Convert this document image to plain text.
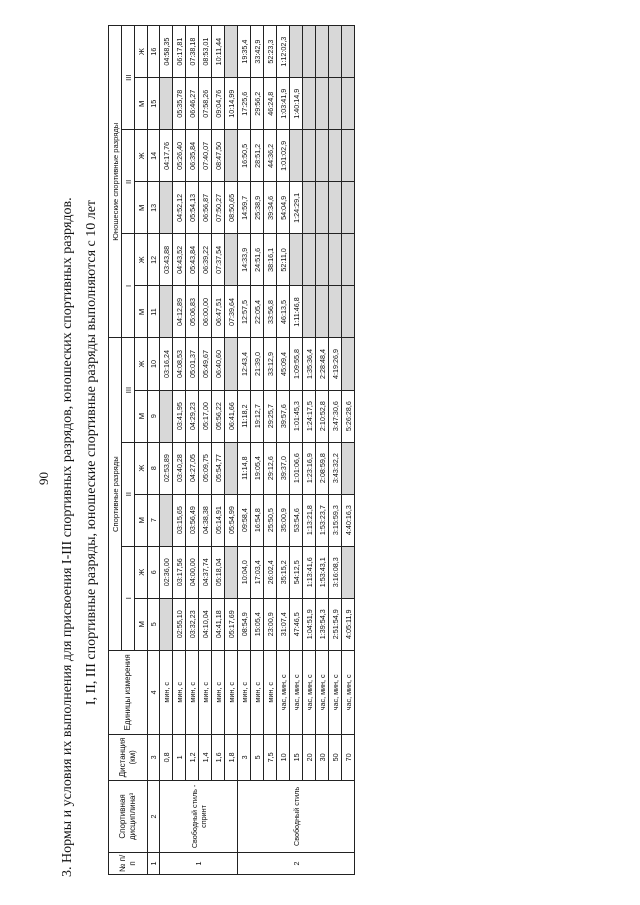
90 3. Нормы и условия их выполнения для присвоения I-III спортивных разрядов, юношеских спортивных разрядов. I, II, III спортивные разряды, юношеские спортивные разряды выполняются с 10 лет
№ п/п	Спортивная дисциплина³	Дистанция (км)	Единицы измерения	Спортивные разряды						Юношеские спортивные разряды					
				I		II		III		I		II		III	
				М	Ж	М	Ж	М	Ж	М	Ж	М	Ж	М	Ж
1	2	3	4	5	6	7	8	9	10	11	12	13	14	15	16
1	Свободный стиль - спринт	0,8	мин, с		02:36,00		02:53,89		03:16,24		03:43,88		04:17,76		04:58,35
		1	мин, с	02:55,10	03:17,56	03:15,65	03:40,28	03:41,95	04:08,53	04:12,89	04:43,52	04:52,12	05:26,40	05:35,78	06:17,81
		1,2	мин, с	03:32,23	04:00,00	03:56,49	04:27,05	04:29,23	05:01,37	05:06,83	05:43,84	05:54,13	06:35,84	06:46,27	07:38,18
		1,4	мин, с	04:10,04	04:37,74	04:38,38	05:09,75	05:17,00	05:49,67	06:00,00	06:39,22	06:56,87	07:40,07	07:58,26	08:53,01
		1,6	мин, с	04:41,18	05:18,04	05:14,91	05:54,77	05:56,22	06:40,60	06:47,51	07:37,54	07:50,27	08:47,50	09:04,76	10:11,44
		1,8	мин, с	05:17,69		05:54,99		06:41,66		07:39,64		08:50,65		10:14,99	
2	Свободный стиль	3	мин, с	08:54,9	10:04,0	09:58,4	11:14,8	11:18,2	12:43,4	12:57,5	14:33,9	14:59,7	16:50,5	17:25,6	19:35,4
		5	мин, с	15:05,4	17:03,4	16:54,8	19:05,4	19:12,7	21:39,0	22:05,4	24:51,6	25:38,9	28:51,2	29:56,2	33:42,9
		7,5	мин, с	23:00,9	26:02,4	25:50,5	29:12,6	29:25,7	33:12,9	33:56,8	38:16,1	39:34,6	44:36,2	46:24,8	52:23,3
		10	час, мин, с	31:07,4	35:15,2	35:00,9	39:37,0	39:57,6	45:09,4	46:13,5	52:11,0	54:04,9	1:01:02,9	1:03:41,9	1:12:02,3
		15	час, мин, с	47:46,5	54:12,5	53:54,6	1:01:06,6	1:01:45,3	1:09:55,8	1:11:46,8		1:24:29,1		1:40:14,9	
		20	час, мин, с	1:04:51,9	1:13:41,6	1:13:21,8	1:23:16,9	1:24:17,5	1:35:36,4						
		30	час, мин, с	1:39:54,3	1:53:43,1	1:53:23,7	2:08:59,8	2:10:52,8	2:28:48,4						
		50	час, мин, с	2:51:54,9	3:16:08,3	3:15:59,3	3:43:32,2	3:47:30,6	4:19:26,9						
		70	час, мин, с	4:05:11,9		4:40:16,3		5:26:28,6							
